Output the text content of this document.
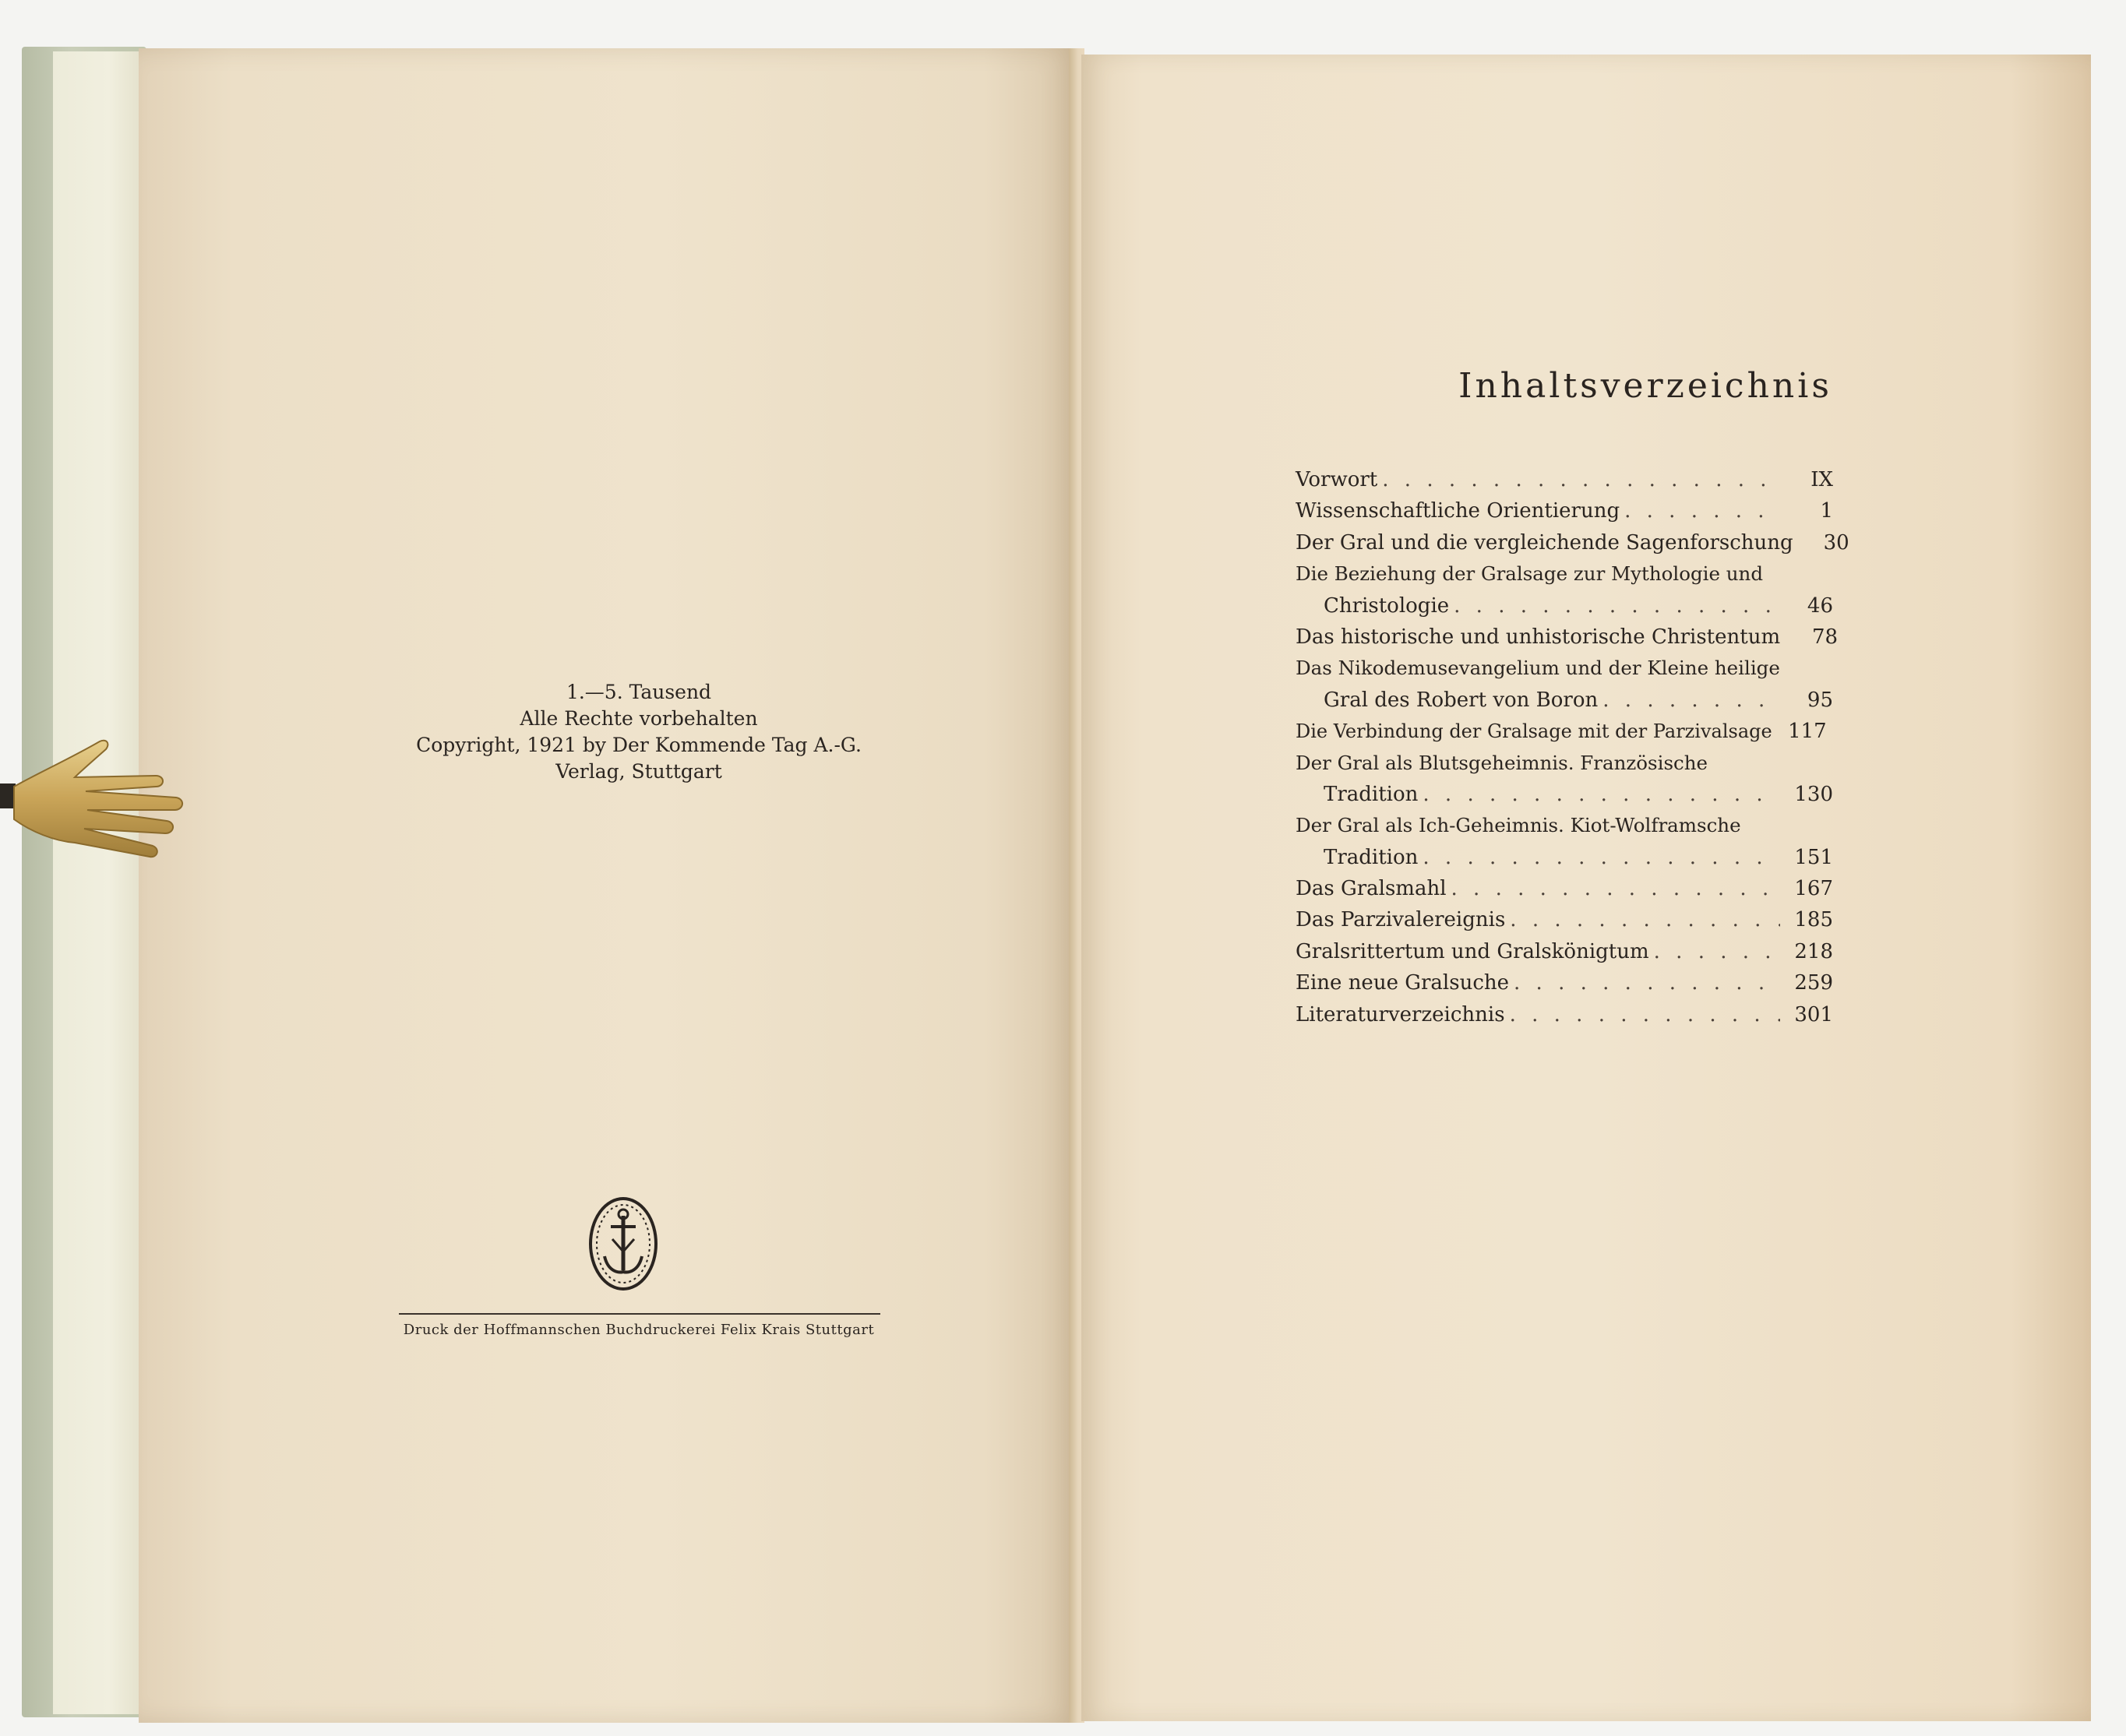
1.—5. Tausend
Alle Rechte vorbehalten
Copyright, 1921 by Der Kommende Tag A.-G.
Verlag, Stuttgart
Druck der Hoffmannschen Buchdruckerei Felix Krais Stuttgart
Inhaltsverzeichnis
Vorwort . . .	IX
Wissenschaftliche Orientierung . . .	1
Der Gral und die vergleichende Sagenforschung	30
Die Beziehung der Gralsage zur Mythologie und
Christologie . . .	46
Das historische und unhistorische Christentum	78
Das Nikodemusevangelium und der Kleine heilige
Gral des Robert von Boron . . .	95
Die Verbindung der Gralsage mit der Parzivalsage 117
Der Gral als Blutsgeheimnis. Französische
Tradition . . .	130
Der Gral als Ich-Geheimnis. Kiot-Wolframsche
Tradition . . .	151
Das Gralsmahl . . .	167
Das Parzivalereignis . . .	185
Gralsrittertum und Gralskönigtum . . .	218
Eine neue Gralsuche . . .	259
Literaturverzeichnis . . .	301
